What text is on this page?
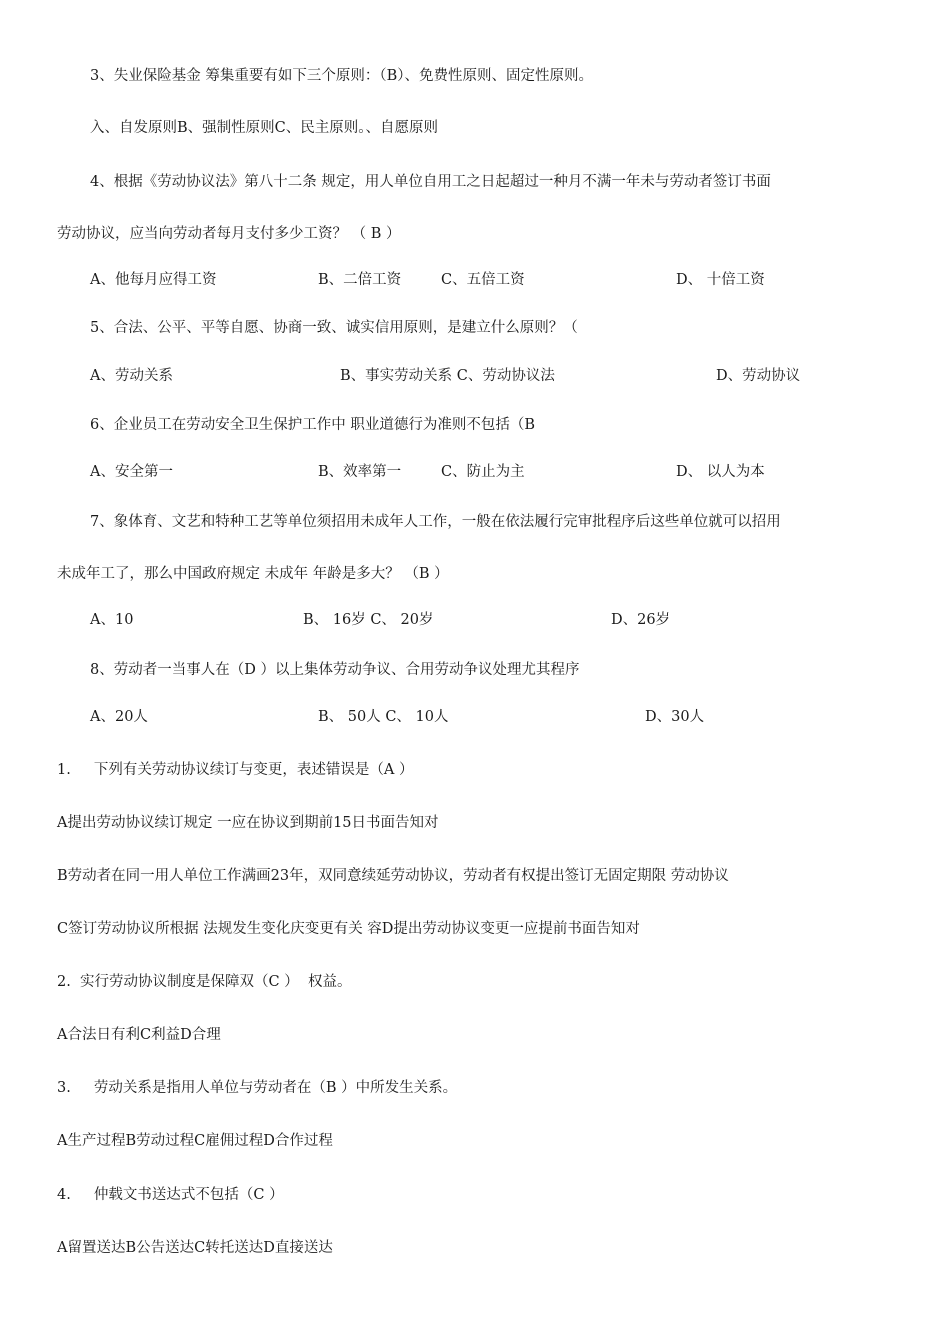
3、失业保险基金 筹集重要有如下三个原则：（B）、免费性原则、固定性原则。
入、自发原则B、强制性原则C、民主原则。、自愿原则
4、根据《劳动协议法》第八十二条 规定，用人单位自用工之日起超过一种月不满一年未与劳动者签订书面
劳动协议，应当向劳动者每月支付多少工资？ （ B ）
A、他每月应得工资	B、二倍工资	C、五倍工资	D、 十倍工资
5、合法、公平、平等自愿、协商一致、诚实信用原则，是建立什么原则？（
A、劳动关系	B、事实劳动关系 C、劳动协议法	D、劳动协议
6、企业员工在劳动安全卫生保护工作中 职业道德行为准则不包括（B
A、安全第一	B、效率第一	C、防止为主	D、 以人为本
7、象体育、文艺和特种工艺等单位须招用未成年人工作，一般在依法履行完审批程序后这些单位就可以招用
未成年工了，那么中国政府规定 未成年 年龄是多大？ （B ）
A、10	B、 16岁 C、 20岁	D、26岁
8、劳动者一当事人在（D ）以上集体劳动争议、合用劳动争议处理尤其程序
A、20人	B、 50人 C、 10人	D、30人
1.     下列有关劳动协议续订与变更，表述错误是（A ）
A提出劳动协议续订规定 一应在协议到期前15日书面告知对
B劳动者在同一用人单位工作满画23年，双同意续延劳动协议，劳动者有权提出签订无固定期限 劳动协议
C签订劳动协议所根据 法规发生变化庆变更有关 容D提出劳动协议变更一应提前书面告知对
2.  实行劳动协议制度是保障双（C ）  权益。
A合法日有利C利益D合理
3.     劳动关系是指用人单位与劳动者在（B ）中所发生关系。
A生产过程B劳动过程C雇佣过程D合作过程
4.     仲载文书送达式不包括（C ）
A留置送达B公告送达C转托送达D直接送达
